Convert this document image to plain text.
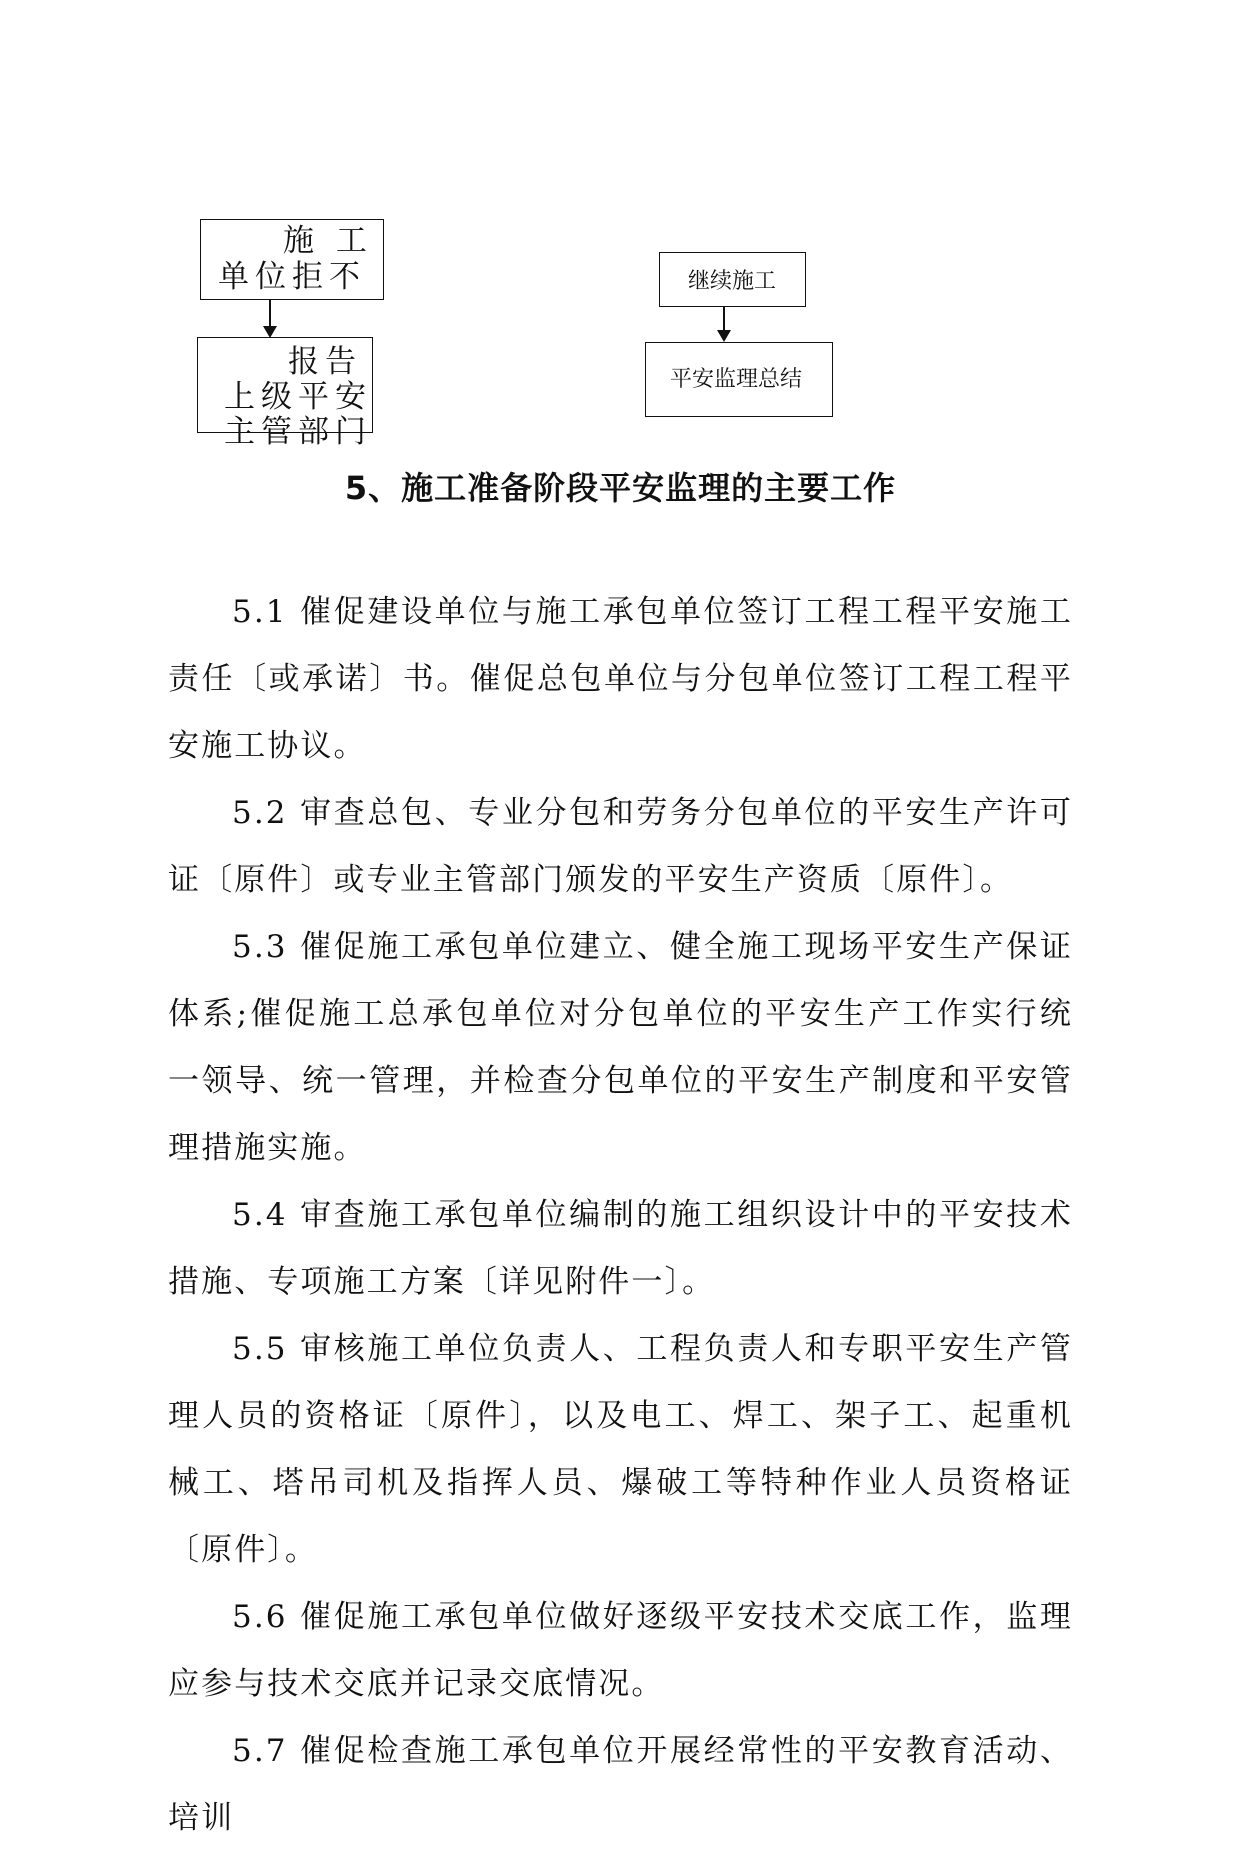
施 工
单位拒不
报告
上级平安
主管部门
继续施工
平安监理总结
5、施工准备阶段平安监理的主要工作

5.1 催促建设单位与施工承包单位签订工程工程平安施工责任〔或承诺〕书。催促总包单位与分包单位签订工程工程平安施工协议。

5.2 审查总包、专业分包和劳务分包单位的平安生产许可证〔原件〕或专业主管部门颁发的平安生产资质〔原件〕。

5.3 催促施工承包单位建立、健全施工现场平安生产保证体系;催促施工总承包单位对分包单位的平安生产工作实行统一领导、统一管理，并检查分包单位的平安生产制度和平安管理措施实施。

5.4 审查施工承包单位编制的施工组织设计中的平安技术措施、专项施工方案〔详见附件一〕。

5.5 审核施工单位负责人、工程负责人和专职平安生产管理人员的资格证〔原件〕，以及电工、焊工、架子工、起重机械工、塔吊司机及指挥人员、爆破工等特种作业人员资格证〔原件〕。

5.6 催促施工承包单位做好逐级平安技术交底工作，监理应参与技术交底并记录交底情况。

5.7 催促检查施工承包单位开展经常性的平安教育活动、培训
